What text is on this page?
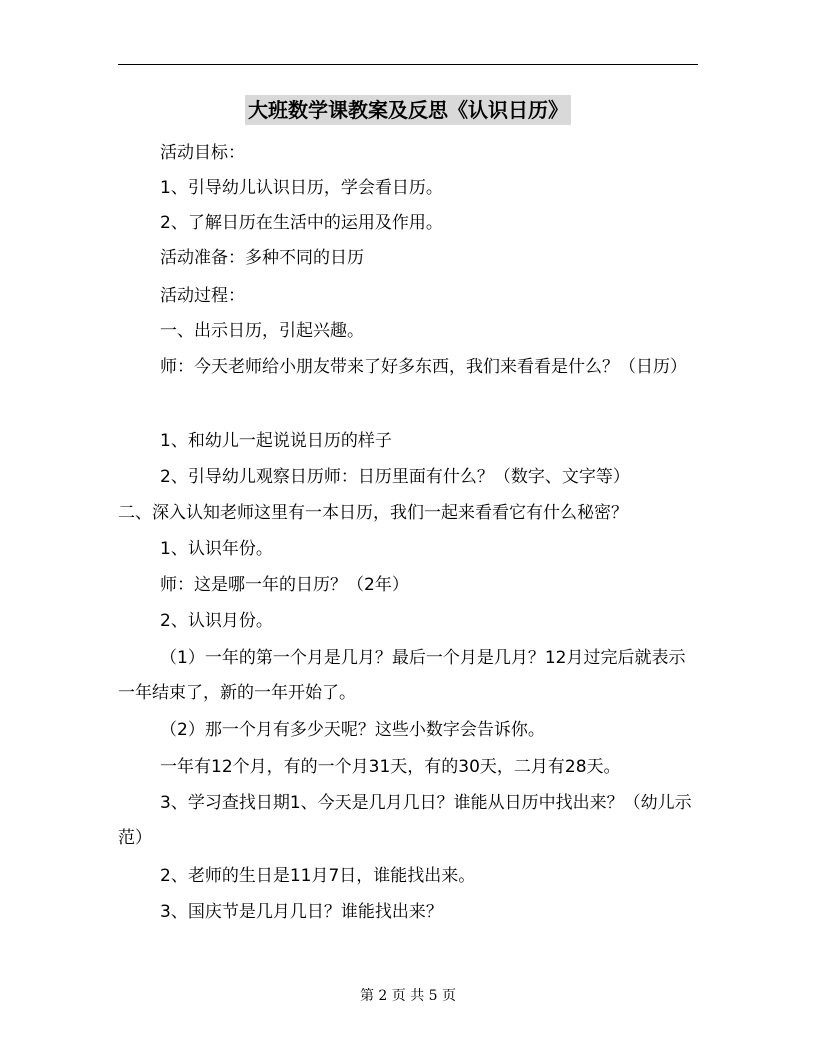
大班数学课教案及反思《认识日历》

活动目标：

1、引导幼儿认识日历，学会看日历。

2、了解日历在生活中的运用及作用。

活动准备：多种不同的日历

活动过程：

一、出示日历，引起兴趣。

师：今天老师给小朋友带来了好多东西，我们来看看是什么？（日历）

1、和幼儿一起说说日历的样子

2、引导幼儿观察日历师：日历里面有什么？（数字、文字等）

二、深入认知老师这里有一本日历，我们一起来看看它有什么秘密？

1、认识年份。

师：这是哪一年的日历？（2年）

2、认识月份。

（1）一年的第一个月是几月？最后一个月是几月？12月过完后就表示一年结束了，新的一年开始了。

（2）那一个月有多少天呢？这些小数字会告诉你。

一年有12个月，有的一个月31天，有的30天，二月有28天。

3、学习查找日期1、今天是几月几日？谁能从日历中找出来？（幼儿示范）

2、老师的生日是11月7日，谁能找出来。

3、国庆节是几月几日？谁能找出来？

第 2 页 共 5 页
